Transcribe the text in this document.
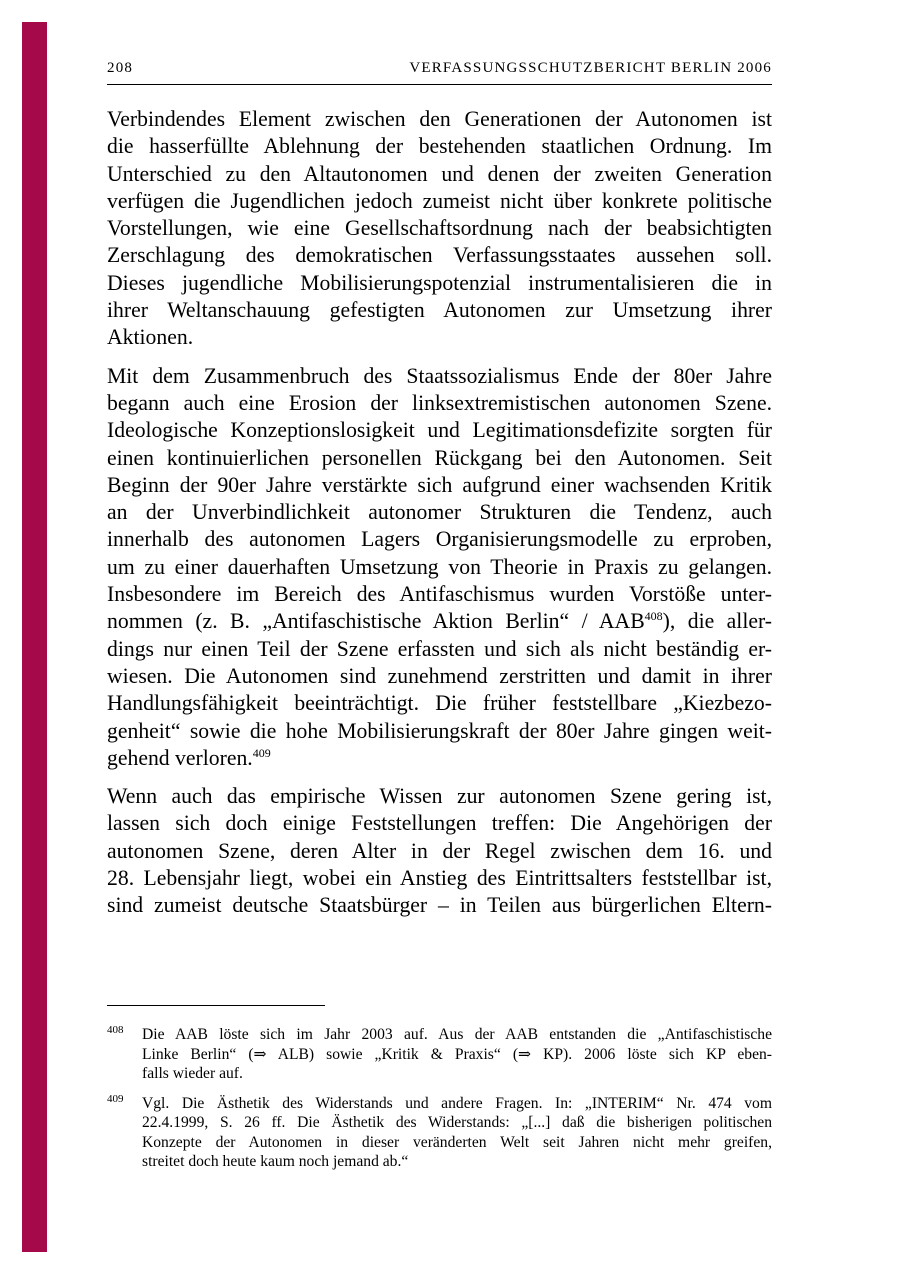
208	VERFASSUNGSSCHUTZBERICHT BERLIN 2006

Verbindendes Element zwischen den Generationen der Autonomen ist
die hasserfüllte Ablehnung der bestehenden staatlichen Ordnung. Im
Unterschied zu den Altautonomen und denen der zweiten Generation
verfügen die Jugendlichen jedoch zumeist nicht über konkrete politische
Vorstellungen, wie eine Gesellschaftsordnung nach der beabsichtigten
Zerschlagung des demokratischen Verfassungsstaates aussehen soll.
Dieses jugendliche Mobilisierungspotenzial instrumentalisieren die in
ihrer Weltanschauung gefestigten Autonomen zur Umsetzung ihrer
Aktionen.

Mit dem Zusammenbruch des Staatssozialismus Ende der 80er Jahre
begann auch eine Erosion der linksextremistischen autonomen Szene.
Ideologische Konzeptionslosigkeit und Legitimationsdefizite sorgten für
einen kontinuierlichen personellen Rückgang bei den Autonomen. Seit
Beginn der 90er Jahre verstärkte sich aufgrund einer wachsenden Kritik
an der Unverbindlichkeit autonomer Strukturen die Tendenz, auch
innerhalb des autonomen Lagers Organisierungsmodelle zu erproben,
um zu einer dauerhaften Umsetzung von Theorie in Praxis zu gelangen.
Insbesondere im Bereich des Antifaschismus wurden Vorstöße unter-
nommen (z. B. „Antifaschistische Aktion Berlin“ / AAB$^{408}$), die aller-
dings nur einen Teil der Szene erfassten und sich als nicht beständig er-
wiesen. Die Autonomen sind zunehmend zerstritten und damit in ihrer
Handlungsfähigkeit beeinträchtigt. Die früher feststellbare „Kiezbezo-
genheit“ sowie die hohe Mobilisierungskraft der 80er Jahre gingen weit-
gehend verloren.$^{409}$

Wenn auch das empirische Wissen zur autonomen Szene gering ist,
lassen sich doch einige Feststellungen treffen: Die Angehörigen der
autonomen Szene, deren Alter in der Regel zwischen dem 16. und
28. Lebensjahr liegt, wobei ein Anstieg des Eintrittsalters feststellbar ist,
sind zumeist deutsche Staatsbürger – in Teilen aus bürgerlichen Eltern-

408 Die AAB löste sich im Jahr 2003 auf. Aus der AAB entstanden die „Antifaschistische
Linke Berlin“ (⇒ ALB) sowie „Kritik & Praxis“ (⇒ KP). 2006 löste sich KP eben-
falls wieder auf.
409 Vgl. Die Ästhetik des Widerstands und andere Fragen. In: „INTERIM“ Nr. 474 vom
22.4.1999, S. 26 ff. Die Ästhetik des Widerstands: „[...] daß die bisherigen politischen
Konzepte der Autonomen in dieser veränderten Welt seit Jahren nicht mehr greifen,
streitet doch heute kaum noch jemand ab.“
